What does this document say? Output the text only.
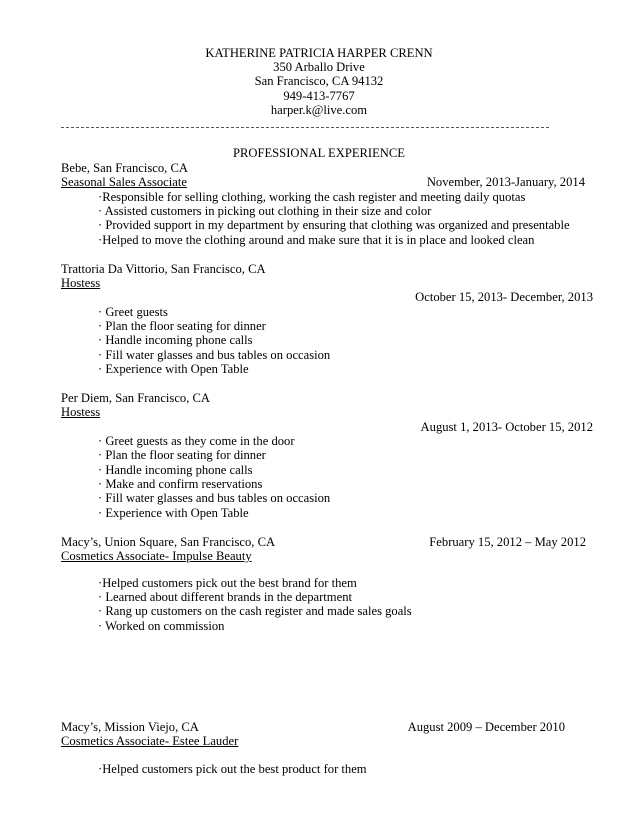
KATHERINE PATRICIA HARPER CRENN
350 Arballo Drive
San Francisco, CA 94132
949-413-7767
harper.k@live.com
PROFESSIONAL EXPERIENCE
Bebe, San Francisco, CA
Seasonal Sales Associate	November, 2013-January, 2014
·Responsible for selling clothing, working the cash register and meeting daily quotas
· Assisted customers in picking out clothing in their size and color
· Provided support in my department by ensuring that clothing was organized and presentable
·Helped to move the clothing around and make sure that it is in place and looked clean
Trattoria Da Vittorio, San Francisco, CA
Hostess
October 15, 2013- December, 2013
· Greet guests
· Plan the floor seating for dinner
· Handle incoming phone calls
· Fill water glasses and bus tables on occasion
· Experience with Open Table
Per Diem, San Francisco, CA
Hostess
August 1, 2013- October 15, 2012
· Greet guests as they come in the door
· Plan the floor seating for dinner
· Handle incoming phone calls
· Make and confirm reservations
· Fill water glasses and bus tables on occasion
· Experience with Open Table
Macy’s, Union Square, San Francisco, CA	February 15, 2012 – May 2012
Cosmetics Associate- Impulse Beauty
·Helped customers pick out the best brand for them
· Learned about different brands in the department
· Rang up customers on the cash register and made sales goals
· Worked on commission
Macy’s, Mission Viejo, CA	August 2009 – December 2010
Cosmetics Associate- Estee Lauder
·Helped customers pick out the best product for them
